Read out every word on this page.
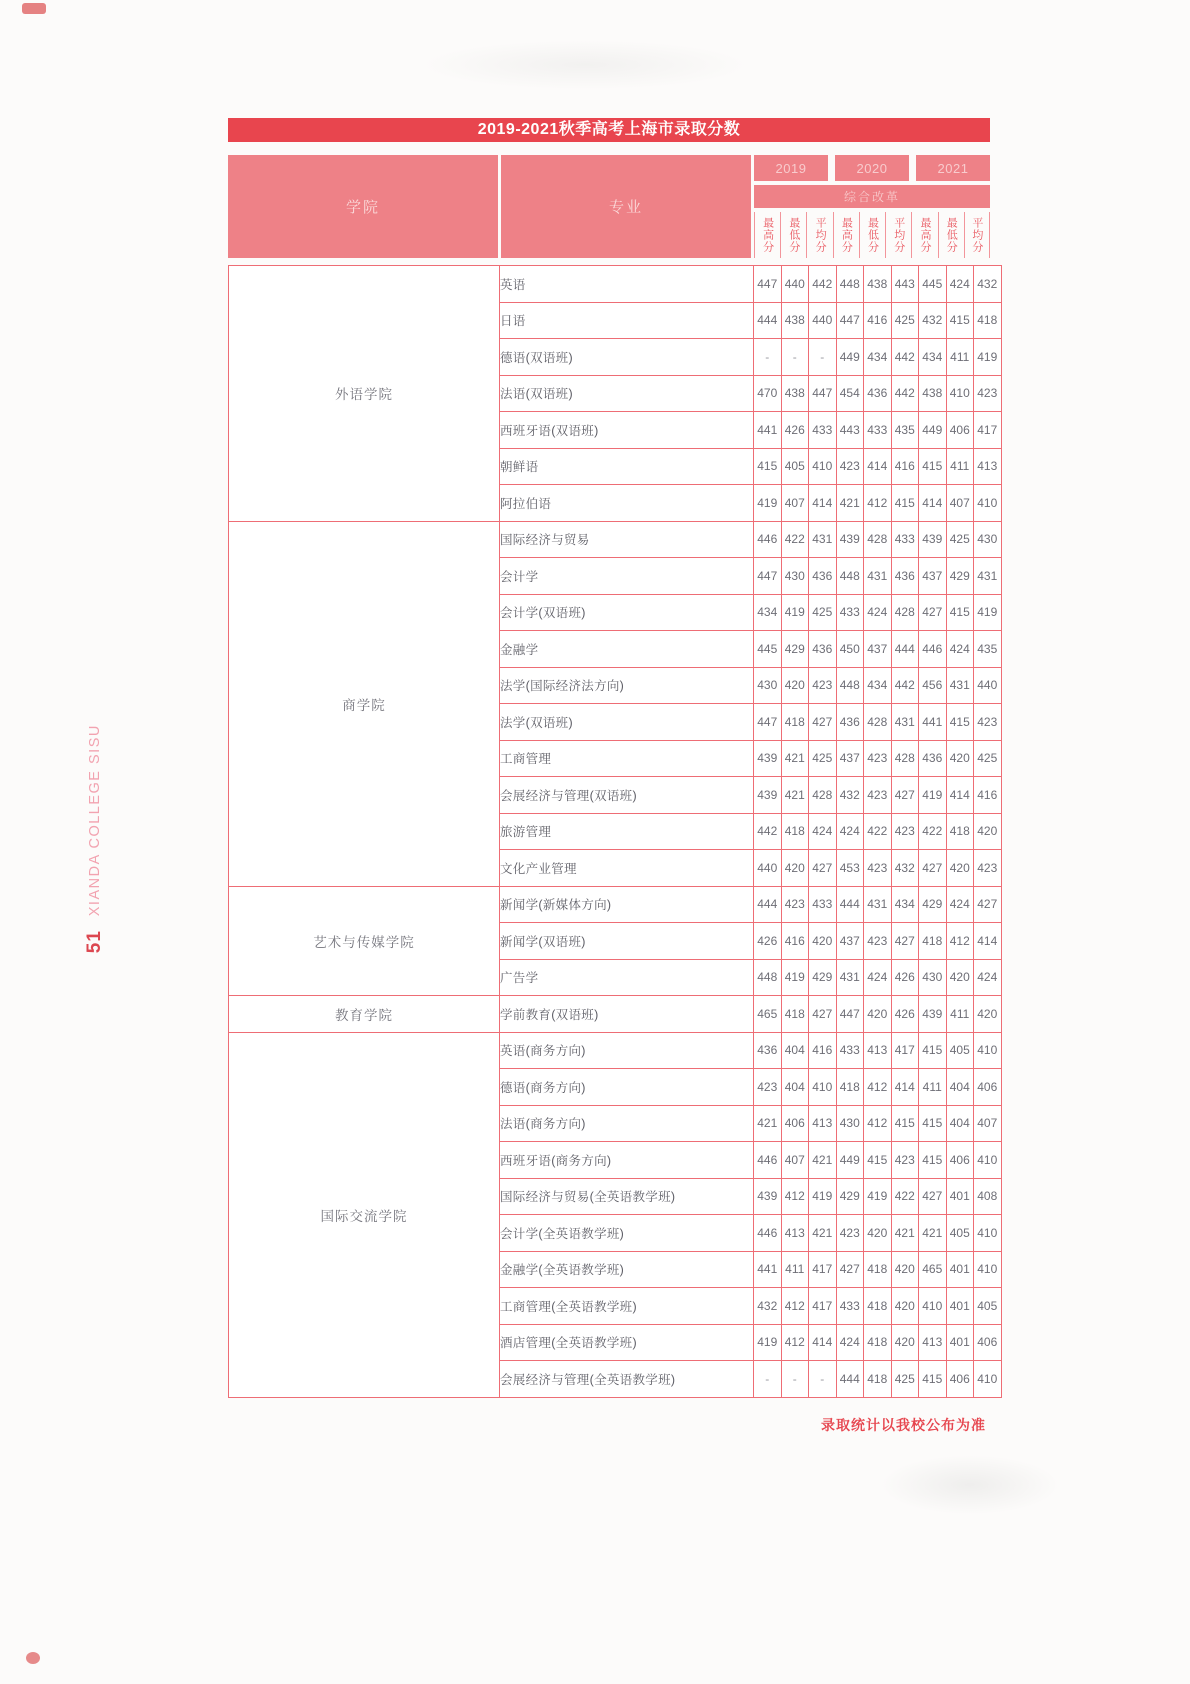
51
XIANDA COLLEGE SISU
2019-2021秋季高考上海市录取分数
学院	专业
2019	2020	2021
综合改革
最高分	最低分	平均分	最高分	最低分	平均分	最高分	最低分	平均分
外语学院	英语	447	440	442	448	438	443	445	424	432
	日语	444	438	440	447	416	425	432	415	418
	德语(双语班)	-	-	-	449	434	442	434	411	419
	法语(双语班)	470	438	447	454	436	442	438	410	423
	西班牙语(双语班)	441	426	433	443	433	435	449	406	417
	朝鲜语	415	405	410	423	414	416	415	411	413
	阿拉伯语	419	407	414	421	412	415	414	407	410
商学院	国际经济与贸易	446	422	431	439	428	433	439	425	430
	会计学	447	430	436	448	431	436	437	429	431
	会计学(双语班)	434	419	425	433	424	428	427	415	419
	金融学	445	429	436	450	437	444	446	424	435
	法学(国际经济法方向)	430	420	423	448	434	442	456	431	440
	法学(双语班)	447	418	427	436	428	431	441	415	423
	工商管理	439	421	425	437	423	428	436	420	425
	会展经济与管理(双语班)	439	421	428	432	423	427	419	414	416
	旅游管理	442	418	424	424	422	423	422	418	420
	文化产业管理	440	420	427	453	423	432	427	420	423
艺术与传媒学院	新闻学(新媒体方向)	444	423	433	444	431	434	429	424	427
	新闻学(双语班)	426	416	420	437	423	427	418	412	414
	广告学	448	419	429	431	424	426	430	420	424
教育学院	学前教育(双语班)	465	418	427	447	420	426	439	411	420
国际交流学院	英语(商务方向)	436	404	416	433	413	417	415	405	410
	德语(商务方向)	423	404	410	418	412	414	411	404	406
	法语(商务方向)	421	406	413	430	412	415	415	404	407
	西班牙语(商务方向)	446	407	421	449	415	423	415	406	410
	国际经济与贸易(全英语教学班)	439	412	419	429	419	422	427	401	408
	会计学(全英语教学班)	446	413	421	423	420	421	421	405	410
	金融学(全英语教学班)	441	411	417	427	418	420	465	401	410
	工商管理(全英语教学班)	432	412	417	433	418	420	410	401	405
	酒店管理(全英语教学班)	419	412	414	424	418	420	413	401	406
	会展经济与管理(全英语教学班)	-	-	-	444	418	425	415	406	410
录取统计以我校公布为准
